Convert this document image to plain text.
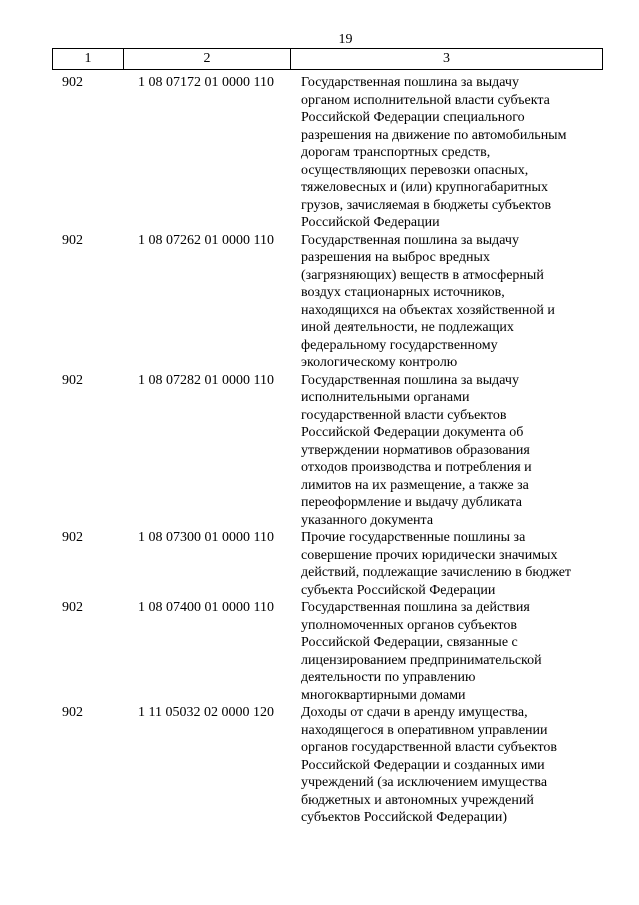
19
1	2	3
902	1 08 07172 01 0000 110	Государственная пошлина за выдачу
органом исполнительной власти субъекта
Российской Федерации специального
разрешения на движение по автомобильным
дорогам транспортных средств,
осуществляющих перевозки опасных,
тяжеловесных и (или) крупногабаритных
грузов, зачисляемая в бюджеты субъектов
Российской Федерации
902	1 08 07262 01 0000 110	Государственная пошлина за выдачу
разрешения на выброс вредных
(загрязняющих) веществ в атмосферный
воздух стационарных источников,
находящихся на объектах хозяйственной и
иной деятельности, не подлежащих
федеральному государственному
экологическому контролю
902	1 08 07282 01 0000 110	Государственная пошлина за выдачу
исполнительными органами
государственной власти субъектов
Российской Федерации документа об
утверждении нормативов образования
отходов производства и потребления и
лимитов на их размещение, а также за
переоформление и выдачу дубликата
указанного документа
902	1 08 07300 01 0000 110	Прочие государственные пошлины за
совершение прочих юридически значимых
действий, подлежащие зачислению в бюджет
субъекта Российской Федерации
902	1 08 07400 01 0000 110	Государственная пошлина за действия
уполномоченных органов субъектов
Российской Федерации, связанные с
лицензированием предпринимательской
деятельности по управлению
многоквартирными домами
902	1 11 05032 02 0000 120	Доходы от сдачи в аренду имущества,
находящегося в оперативном управлении
органов государственной власти субъектов
Российской Федерации и созданных ими
учреждений (за исключением имущества
бюджетных и автономных учреждений
субъектов Российской Федерации)
